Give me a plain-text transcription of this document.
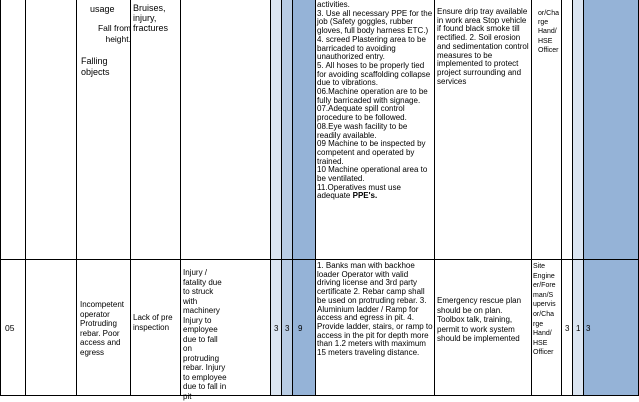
usage
Fall from height.
Falling objects
Bruises, injury, fractures
activities.
3. Use all necessary PPE for the job (Safety goggles, rubber gloves, full body harness ETC.)
4. screed Plastering area to be barricaded to avoiding unauthorized entry.
5. All hoses to be properly tied for avoiding scaffolding collapse due to vibrations.
06.Machine operation are to be fully barricaded with signage.
07.Adequate spill control procedure to be followed.
08.Eye wash facility to be readily available.
09 Machine to be inspected by competent and operated by trained.
10 Machine operational area to be ventilated.
11.Operatives must use adequate PPE's.
Ensure drip tray available in work area Stop vehicle if found black smoke till rectified. 2. Soil erosion and sedimentation control measures to be implemented to protect project surrounding and services
or/Cha
rge
Hand/
HSE
Officer
05
Incompetent operator Protruding rebar. Poor access and egress
Lack of pre inspection
Injury / fatality due to struck with machinery Injury to employee due to fall on protruding rebar. Injury to employee due to fall in pit
3 3 9
1. Banks man with backhoe loader Operator with valid driving license and 3rd party certificate 2. Rebar camp shall be used on protruding rebar. 3. Aluminium ladder / Ramp for access and egress in pit. 4. Provide ladder, stairs, or ramp to access in the pit for depth more than 1.2 meters with maximum 15 meters traveling distance.
Emergency rescue plan should be on plan. Toolbox talk, training, permit to work system should be implemented
Site
Engine
er/Fore
man/S
upervis
or/Cha
rge
Hand/
HSE
Officer
3 1 3
